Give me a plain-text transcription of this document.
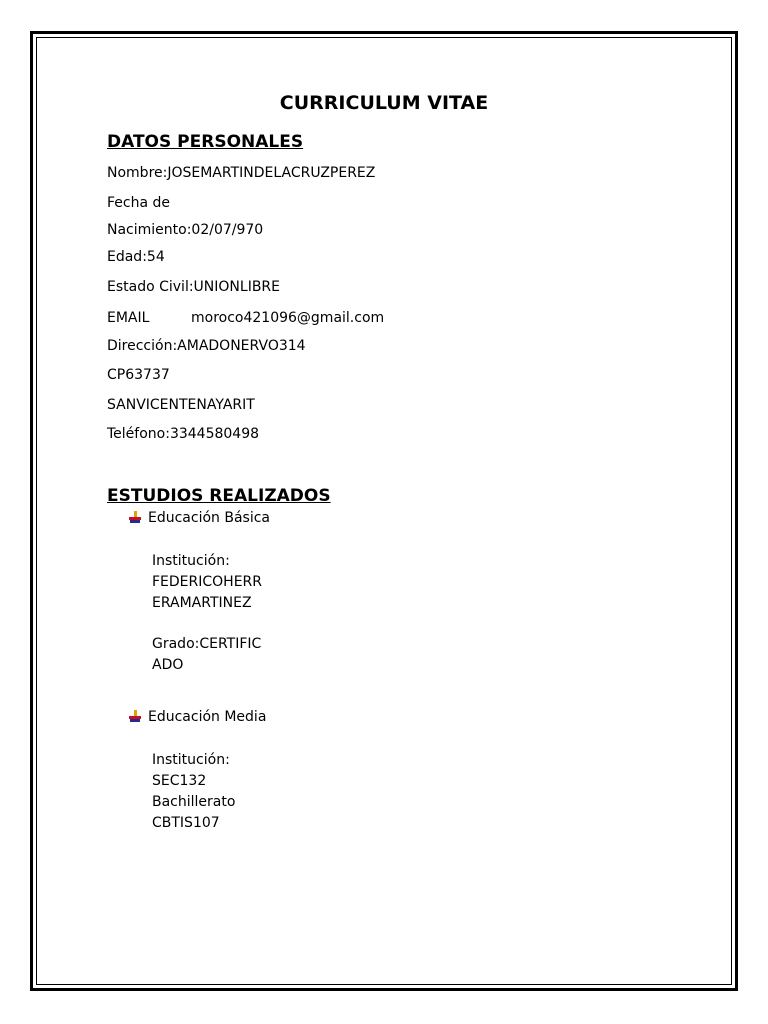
CURRICULUM VITAE
DATOS PERSONALES
Nombre:JOSEMARTINDELACRUZPEREZ
Fecha de
Nacimiento:02/07/970
Edad:54
Estado Civil:UNIONLIBRE
EMAIL	moroco421096@gmail.com
Dirección:AMADONERVO314
CP63737
SANVICENTENAYARIT
Teléfono:3344580498
ESTUDIOS REALIZADOS
Educación Básica
Institución:
FEDERICOHERR
ERAMARTINEZ
Grado:CERTIFIC
ADO
Educación Media
Institución:
SEC132
Bachillerato
CBTIS107
